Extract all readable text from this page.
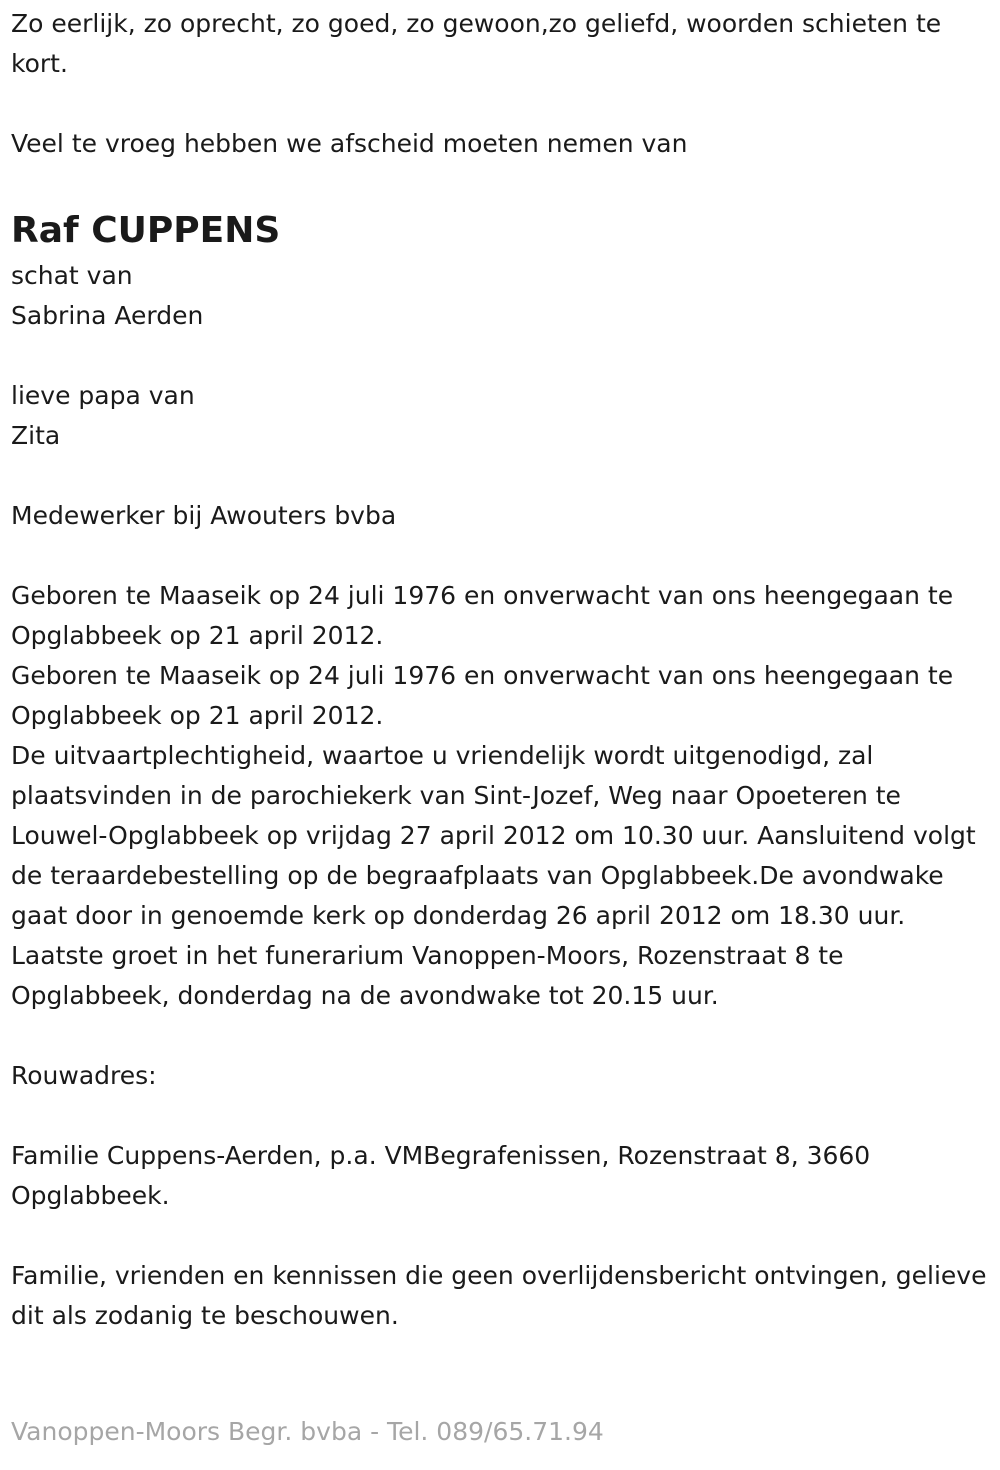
Zo eerlijk, zo oprecht, zo goed, zo gewoon,zo geliefd, woorden schieten te kort.

Veel te vroeg hebben we afscheid moeten nemen van

Raf CUPPENS

schat van

Sabrina Aerden

lieve papa van

Zita

Medewerker bij Awouters bvba

Geboren te Maaseik op 24 juli 1976 en onverwacht van ons heengegaan te Opglabbeek op 21 april 2012.

Geboren te Maaseik op 24 juli 1976 en onverwacht van ons heengegaan te Opglabbeek op 21 april 2012.

De uitvaartplechtigheid, waartoe u vriendelijk wordt uitgenodigd, zal plaatsvinden in de parochiekerk van Sint-Jozef, Weg naar Opoeteren te Louwel-Opglabbeek op vrijdag 27 april 2012 om 10.30 uur. Aansluitend volgt de teraardebestelling op de begraafplaats van Opglabbeek.De avondwake gaat door in genoemde kerk op donderdag 26 april 2012 om 18.30 uur.

Laatste groet in het funerarium Vanoppen-Moors, Rozenstraat 8 te Opglabbeek, donderdag na de avondwake tot 20.15 uur.

Rouwadres:

Familie Cuppens-Aerden, p.a. VMBegrafenissen, Rozenstraat 8, 3660 Opglabbeek.

Familie, vrienden en kennissen die geen overlijdensbericht ontvingen, gelieve dit als zodanig te beschouwen.

Vanoppen-Moors Begr. bvba - Tel. 089/65.71.94
